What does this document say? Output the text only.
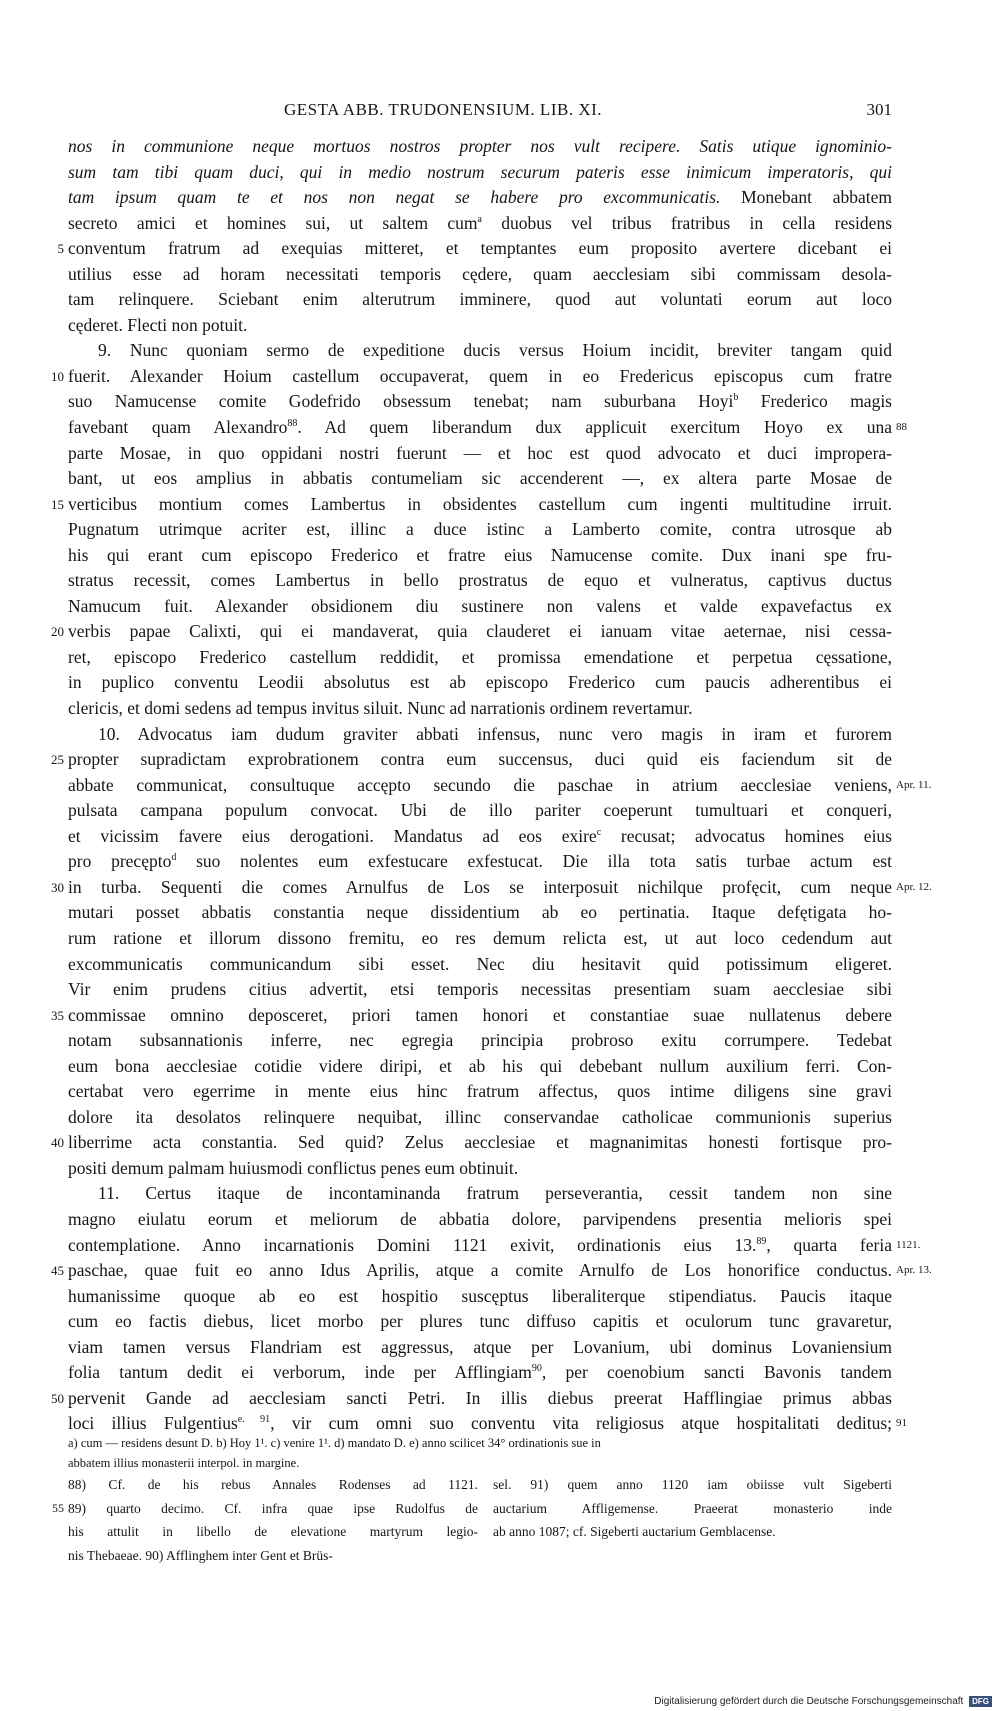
GESTA ABB. TRUDONENSIUM. LIB. XI.	301
nos in communione neque mortuos nostros propter nos vult recipere. Satis utique ignominio-
sum tam tibi quam duci, qui in medio nostrum securum pateris esse inimicum imperatoris, qui
tam ipsum quam te et nos non negat se habere pro excommunicatis. Monebant abbatem
secreto amici et homines sui, ut saltem cum$^a$ duobus vel tribus fratribus in cella residens
5 conventum fratrum ad exequias mitteret, et temptantes eum proposito avertere dicebant ei
utilius esse ad horam necessitati temporis cędere, quam aecclesiam sibi commissam desola-
tam relinquere. Sciebant enim alterutrum imminere, quod aut voluntati eorum aut loco
cęderet. Flecti non potuit.
9. Nunc quoniam sermo de expeditione ducis versus Hoium incidit, breviter tangam quid
10 fuerit. Alexander Hoium castellum occupaverat, quem in eo Fredericus episcopus cum fratre
suo Namucense comite Godefrido obsessum tenebat; nam suburbana Hoyi$^b$ Frederico magis
favebant quam Alexandro$^{88}$. Ad quem liberandum dux applicuit exercitum Hoyo ex una 88
parte Mosae, in quo oppidani nostri fuerunt — et hoc est quod advocato et duci impropera-
bant, ut eos amplius in abbatis contumeliam sic accenderent —, ex altera parte Mosae de
15 verticibus montium comes Lambertus in obsidentes castellum cum ingenti multitudine irruit.
Pugnatum utrimque acriter est, illinc a duce istinc a Lamberto comite, contra utrosque ab
his qui erant cum episcopo Frederico et fratre eius Namucense comite. Dux inani spe fru-
stratus recessit, comes Lambertus in bello prostratus de equo et vulneratus, captivus ductus
Namucum fuit. Alexander obsidionem diu sustinere non valens et valde expavefactus ex
20 verbis papae Calixti, qui ei mandaverat, quia clauderet ei ianuam vitae aeternae, nisi cessa-
ret, episcopo Frederico castellum reddidit, et promissa emendatione et perpetua cęssatione,
in puplico conventu Leodii absolutus est ab episcopo Frederico cum paucis adherentibus ei
clericis, et domi sedens ad tempus invitus siluit. Nunc ad narrationis ordinem revertamur.
10. Advocatus iam dudum graviter abbati infensus, nunc vero magis in iram et furorem
25 propter supradictam exprobrationem contra eum succensus, duci quid eis faciendum sit de
abbate communicat, consultuque accępto secundo die paschae in atrium aecclesiae veniens, Apr. 11.
pulsata campana populum convocat. Ubi de illo pariter coeperunt tumultuari et conqueri,
et vicissim favere eius derogationi. Mandatus ad eos exire$^c$ recusat; advocatus homines eius
pro precępto$^d$ suo nolentes eum exfestucare exfestucat. Die illa tota satis turbae actum est
30 in turba. Sequenti die comes Arnulfus de Los se interposuit nichilque profęcit, cum neque Apr. 12.
mutari posset abbatis constantia neque dissidentium ab eo pertinatia. Itaque defętigata ho-
rum ratione et illorum dissono fremitu, eo res demum relicta est, ut aut loco cedendum aut
excommunicatis communicandum sibi esset. Nec diu hesitavit quid potissimum eligeret.
Vir enim prudens citius advertit, etsi temporis necessitas presentiam suam aecclesiae sibi
35 commissae omnino deposceret, priori tamen honori et constantiae suae nullatenus debere
notam subsannationis inferre, nec egregia principia probroso exitu corrumpere. Tedebat
eum bona aecclesiae cotidie videre diripi, et ab his qui debebant nullum auxilium ferri. Con-
certabat vero egerrime in mente eius hinc fratrum affectus, quos intime diligens sine gravi
dolore ita desolatos relinquere nequibat, illinc conservandae catholicae communionis superius
40 liberrime acta constantia. Sed quid? Zelus aecclesiae et magnanimitas honesti fortisque pro-
positi demum palmam huiusmodi conflictus penes eum obtinuit.
11. Certus itaque de incontaminanda fratrum perseverantia, cessit tandem non sine
magno eiulatu eorum et meliorum de abbatia dolore, parvipendens presentia melioris spei
contemplatione. Anno incarnationis Domini 1121 exivit, ordinationis eius 13.89, quarta feria 1121.
45 paschae, quae fuit eo anno Idus Aprilis, atque a comite Arnulfo de Los honorifice conductus. Apr. 13.
humanissime quoque ab eo est hospitio suscęptus liberaliterque stipendiatus. Paucis itaque
cum eo factis diebus, licet morbo per plures tunc diffuso capitis et oculorum tunc gravaretur,
viam tamen versus Flandriam est aggressus, atque per Lovanium, ubi dominus Lovaniensium
folia tantum dedit ei verborum, inde per Afflingiam$^{90}$, per coenobium sancti Bavonis tandem
50 pervenit Gande ad aecclesiam sancti Petri. In illis diebus preerat Hafflingiae primus abbas
loci illius Fulgentius$^{e. 91}$, vir cum omni suo conventu vita religiosus atque hospitalitati deditus; 91
a) cum — residens desunt D. b) Hoy 1¹. c) venire 1¹. d) mandato D. e) anno scilicet 34° ordinationis sue in
abbatem illius monasterii interpol. in margine.
88) Cf. de his rebus Annales Rodenses ad 1121.
55 89) quarto decimo. Cf. infra quae ipse Rudolfus de
his attulit in libello de elevatione martyrum legio-
nis Thebaeae. 90) Afflinghem inter Gent et Brüs-
sel. 91) quem anno 1120 iam obiisse vult Sigeberti
auctarium Affligemense. Praeerat monasterio inde
ab anno 1087; cf. Sigeberti auctarium Gemblacense.
Digitalisierung gefördert durch die Deutsche Forschungsgemeinschaft DFG
